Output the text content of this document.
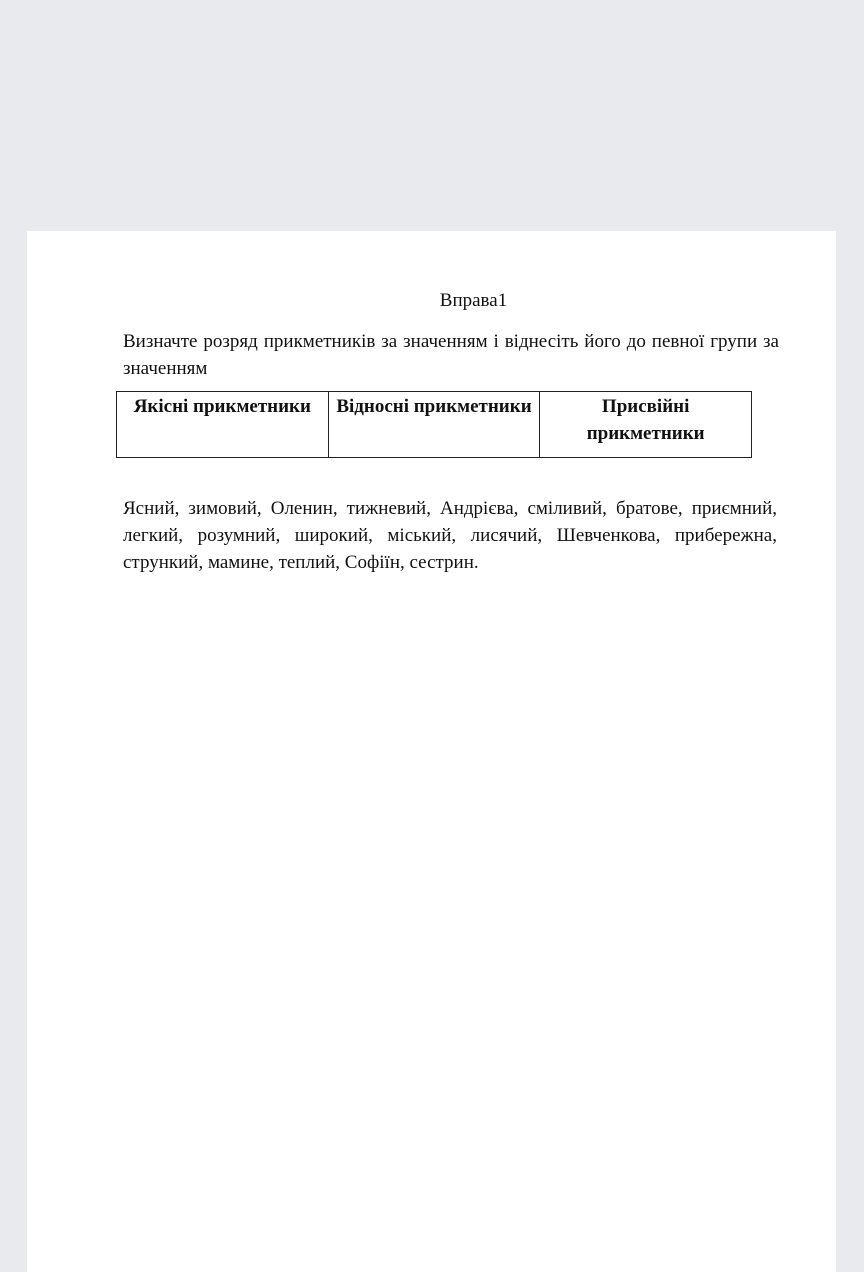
Вправа1

Визначте розряд прикметників за значенням і віднесіть його до певної групи за значенням

Якісні прикметники	Відносні прикметники	Присвійні прикметники

Ясний, зимовий, Оленин, тижневий, Андрієва, сміливий, братове, приємний, легкий, розумний, широкий, міський, лисячий, Шевченкова, прибережна, стрункий, мамине, теплий, Софіїн, сестрин.
